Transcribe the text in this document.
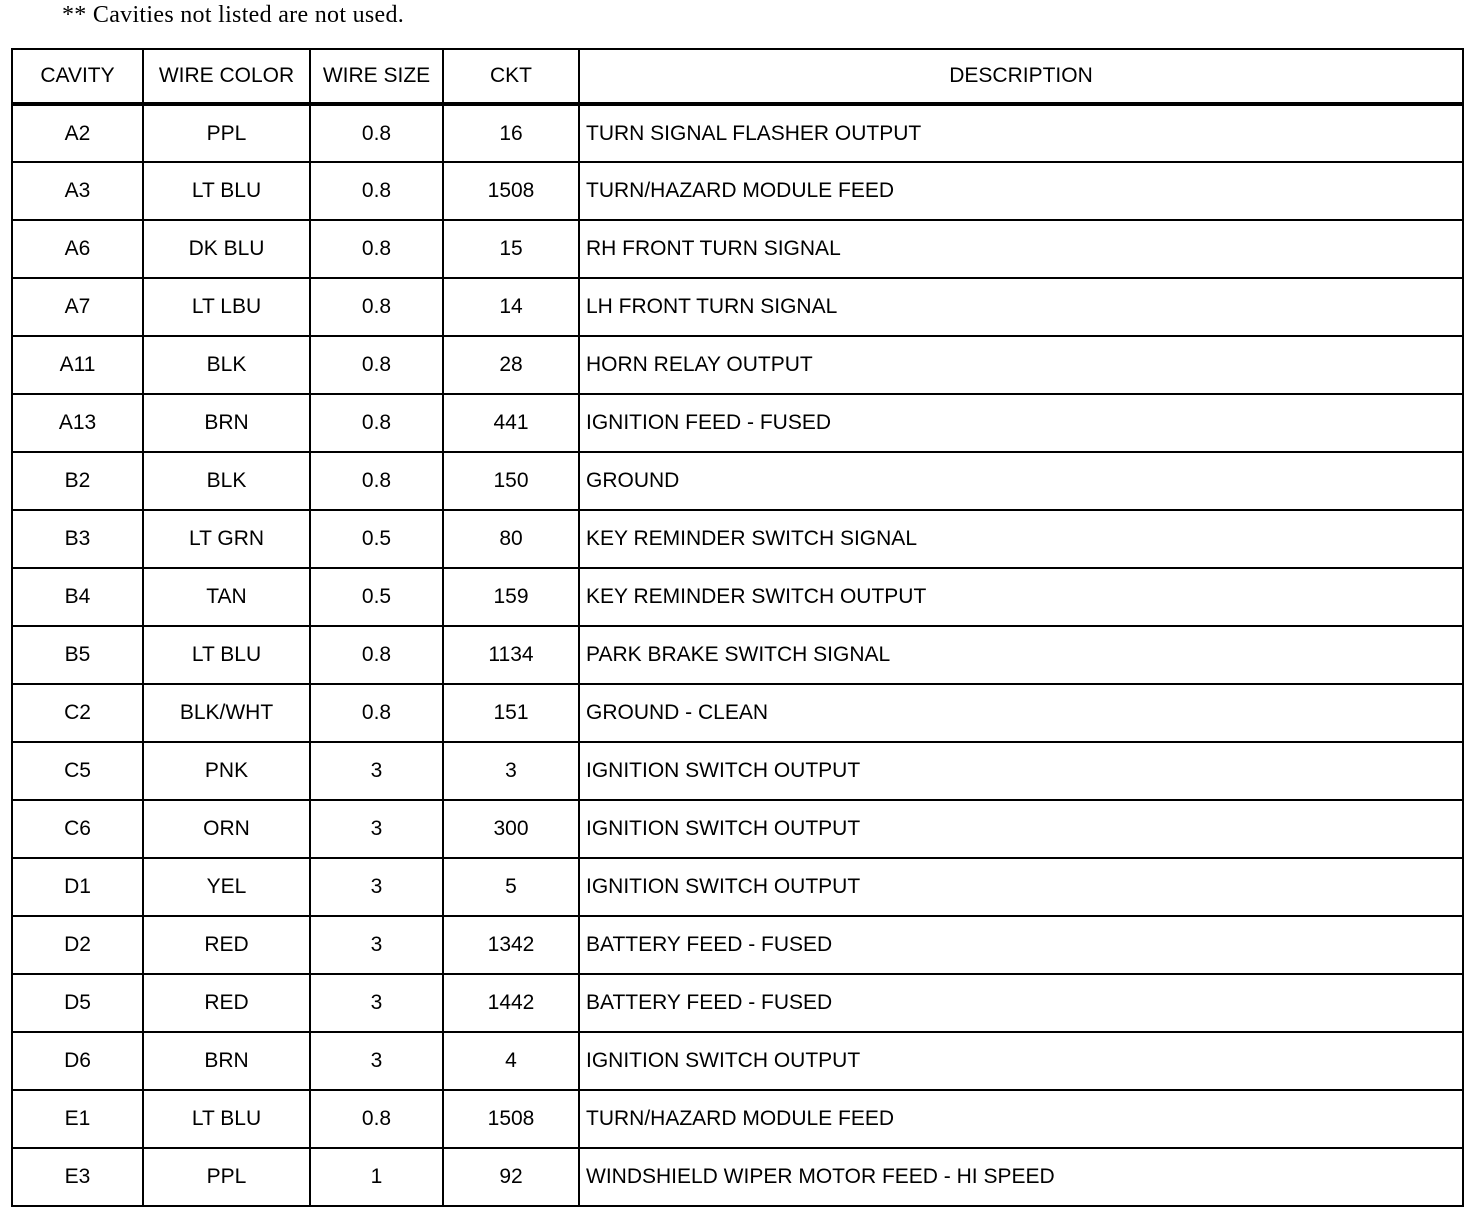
** Cavities not listed are not used.
CAVITY	WIRE COLOR	WIRE SIZE	CKT	DESCRIPTION
A2	PPL	0.8	16	TURN SIGNAL FLASHER OUTPUT
A3	LT BLU	0.8	1508	TURN/HAZARD MODULE FEED
A6	DK BLU	0.8	15	RH FRONT TURN SIGNAL
A7	LT LBU	0.8	14	LH FRONT TURN SIGNAL
A11	BLK	0.8	28	HORN RELAY OUTPUT
A13	BRN	0.8	441	IGNITION FEED - FUSED
B2	BLK	0.8	150	GROUND
B3	LT GRN	0.5	80	KEY REMINDER SWITCH SIGNAL
B4	TAN	0.5	159	KEY REMINDER SWITCH OUTPUT
B5	LT BLU	0.8	1134	PARK BRAKE SWITCH SIGNAL
C2	BLK/WHT	0.8	151	GROUND - CLEAN
C5	PNK	3	3	IGNITION SWITCH OUTPUT
C6	ORN	3	300	IGNITION SWITCH OUTPUT
D1	YEL	3	5	IGNITION SWITCH OUTPUT
D2	RED	3	1342	BATTERY FEED - FUSED
D5	RED	3	1442	BATTERY FEED - FUSED
D6	BRN	3	4	IGNITION SWITCH OUTPUT
E1	LT BLU	0.8	1508	TURN/HAZARD MODULE FEED
E3	PPL	1	92	WINDSHIELD WIPER MOTOR FEED - HI SPEED
